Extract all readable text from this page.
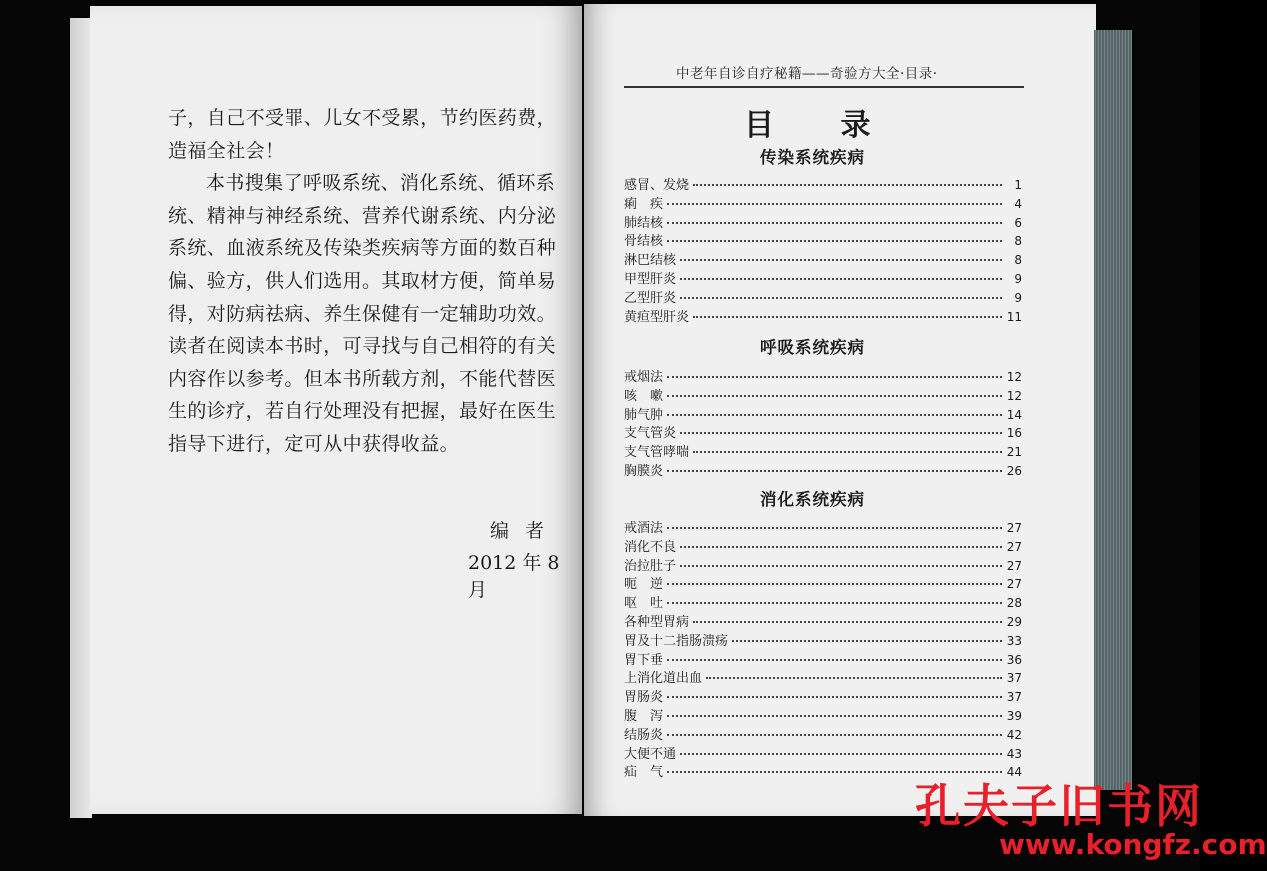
子，自己不受罪、儿女不受累，节约医药费，造福全社会！

本书搜集了呼吸系统、消化系统、循环系统、精神与神经系统、营养代谢系统、内分泌系统、血液系统及传染类疾病等方面的数百种偏、验方，供人们选用。其取材方便，简单易得，对防病祛病、养生保健有一定辅助功效。读者在阅读本书时，可寻找与自己相符的有关内容作以参考。但本书所载方剂，不能代替医生的诊疗，若自行处理没有把握，最好在医生指导下进行，定可从中获得收益。

编 者
2012 年 8 月
中老年自诊自疗秘籍——奇验方大全·目录·
目 录
传染系统疾病
感冒、发烧	1
痢　疾	4
肺结核	6
骨结核	8
淋巴结核	8
甲型肝炎	9
乙型肝炎	9
黄疸型肝炎	11
呼吸系统疾病
戒烟法	12
咳　嗽	12
肺气肿	14
支气管炎	16
支气管哮喘	21
胸膜炎	26
消化系统疾病
戒酒法	27
消化不良	27
治拉肚子	27
呃　逆	27
呕　吐	28
各种型胃病	29
胃及十二指肠溃疡	33
胃下垂	36
上消化道出血	37
胃肠炎	37
腹　泻	39
结肠炎	42
大便不通	43
疝　气	44
孔夫子旧书网
www.kongfz.com
